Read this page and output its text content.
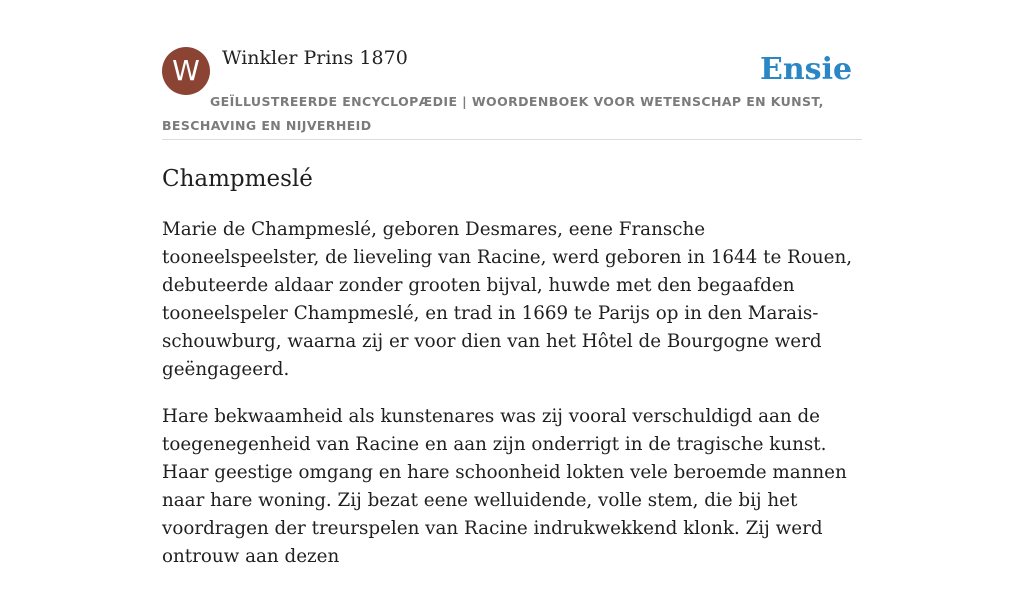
W	Winkler Prins 1870	Ensie
GEÏLLUSTREERDE ENCYCLOPÆDIE | WOORDENBOEK VOOR WETENSCHAP EN KUNST, BESCHAVING EN NIJVERHEID
Champmeslé

Marie de Champmeslé, geboren Desmares, eene Fransche tooneelspeelster, de lieveling van Racine, werd geboren in 1644 te Rouen, debuteerde aldaar zonder grooten bijval, huwde met den begaafden tooneelspeler Champmeslé, en trad in 1669 te Parijs op in den Marais-schouwburg, waarna zij er voor dien van het Hôtel de Bourgogne werd geëngageerd.

Hare bekwaamheid als kunstenares was zij vooral verschuldigd aan de toegenegenheid van Racine en aan zijn onderrigt in de tragische kunst. Haar geestige omgang en hare schoonheid lokten vele beroemde mannen naar hare woning. Zij bezat eene welluidende, volle stem, die bij het voordragen der treurspelen van Racine indrukwekkend klonk. Zij werd ontrouw aan dezen
